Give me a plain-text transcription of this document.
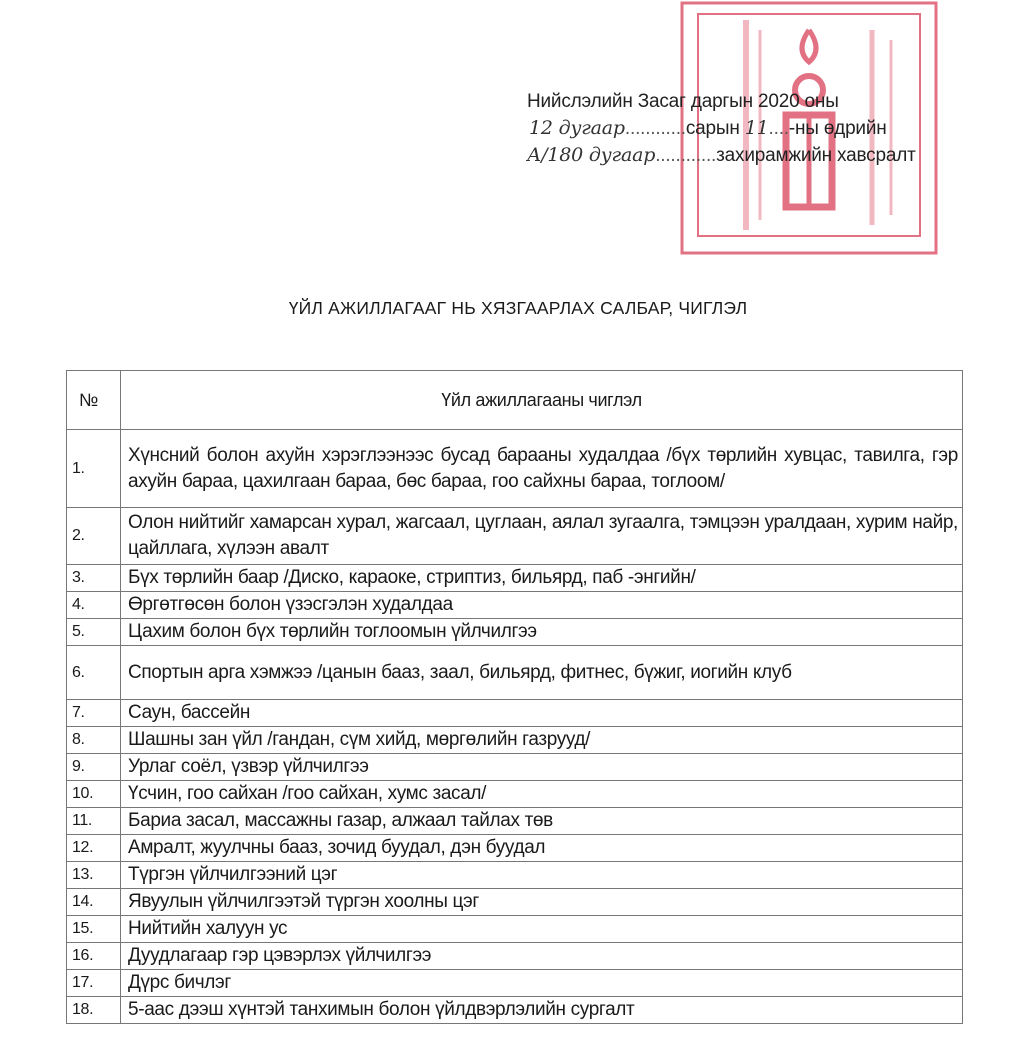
Нийслэлийн Засаг даргын 2020 оны
12 дугаар............сарын 11....-ны өдрийн
А/180 дугаар............захирамжийн хавсралт
ҮЙЛ АЖИЛЛАГААГ НЬ ХЯЗГААРЛАХ САЛБАР, ЧИГЛЭЛ
№	Үйл ажиллагааны чиглэл
1.	Хүнсний болон ахуйн хэрэглээнээс бусад барааны худалдаа /бүх төрлийн хувцас, тавилга, гэр ахуйн бараа, цахилгаан бараа, бөс бараа, гоо сайхны бараа, тоглоом/
2.	Олон нийтийг хамарсан хурал, жагсаал, цуглаан, аялал зугаалга, тэмцээн уралдаан, хурим найр, цайллага, хүлээн авалт
3.	Бүх төрлийн баар /Диско, караоке, стриптиз, бильярд, паб -энгийн/
4.	Өргөтгөсөн болон үзэсгэлэн худалдаа
5.	Цахим болон бүх төрлийн тоглоомын үйлчилгээ
6.	Спортын арга хэмжээ /цанын бааз, заал, бильярд, фитнес, бүжиг, иогийн клуб
7.	Саун, бассейн
8.	Шашны зан үйл /гандан, сүм хийд, мөргөлийн газрууд/
9.	Урлаг соёл, үзвэр үйлчилгээ
10.	Үсчин, гоо сайхан /гоо сайхан, хумс засал/
11.	Бариа засал, массажны газар, алжаал тайлах төв
12.	Амралт, жуулчны бааз, зочид буудал, дэн буудал
13.	Түргэн үйлчилгээний цэг
14.	Явуулын үйлчилгээтэй түргэн хоолны цэг
15.	Нийтийн халуун ус
16.	Дуудлагаар гэр цэвэрлэх үйлчилгээ
17.	Дүрс бичлэг
18.	5-аас дээш хүнтэй танхимын болон үйлдвэрлэлийн сургалт
